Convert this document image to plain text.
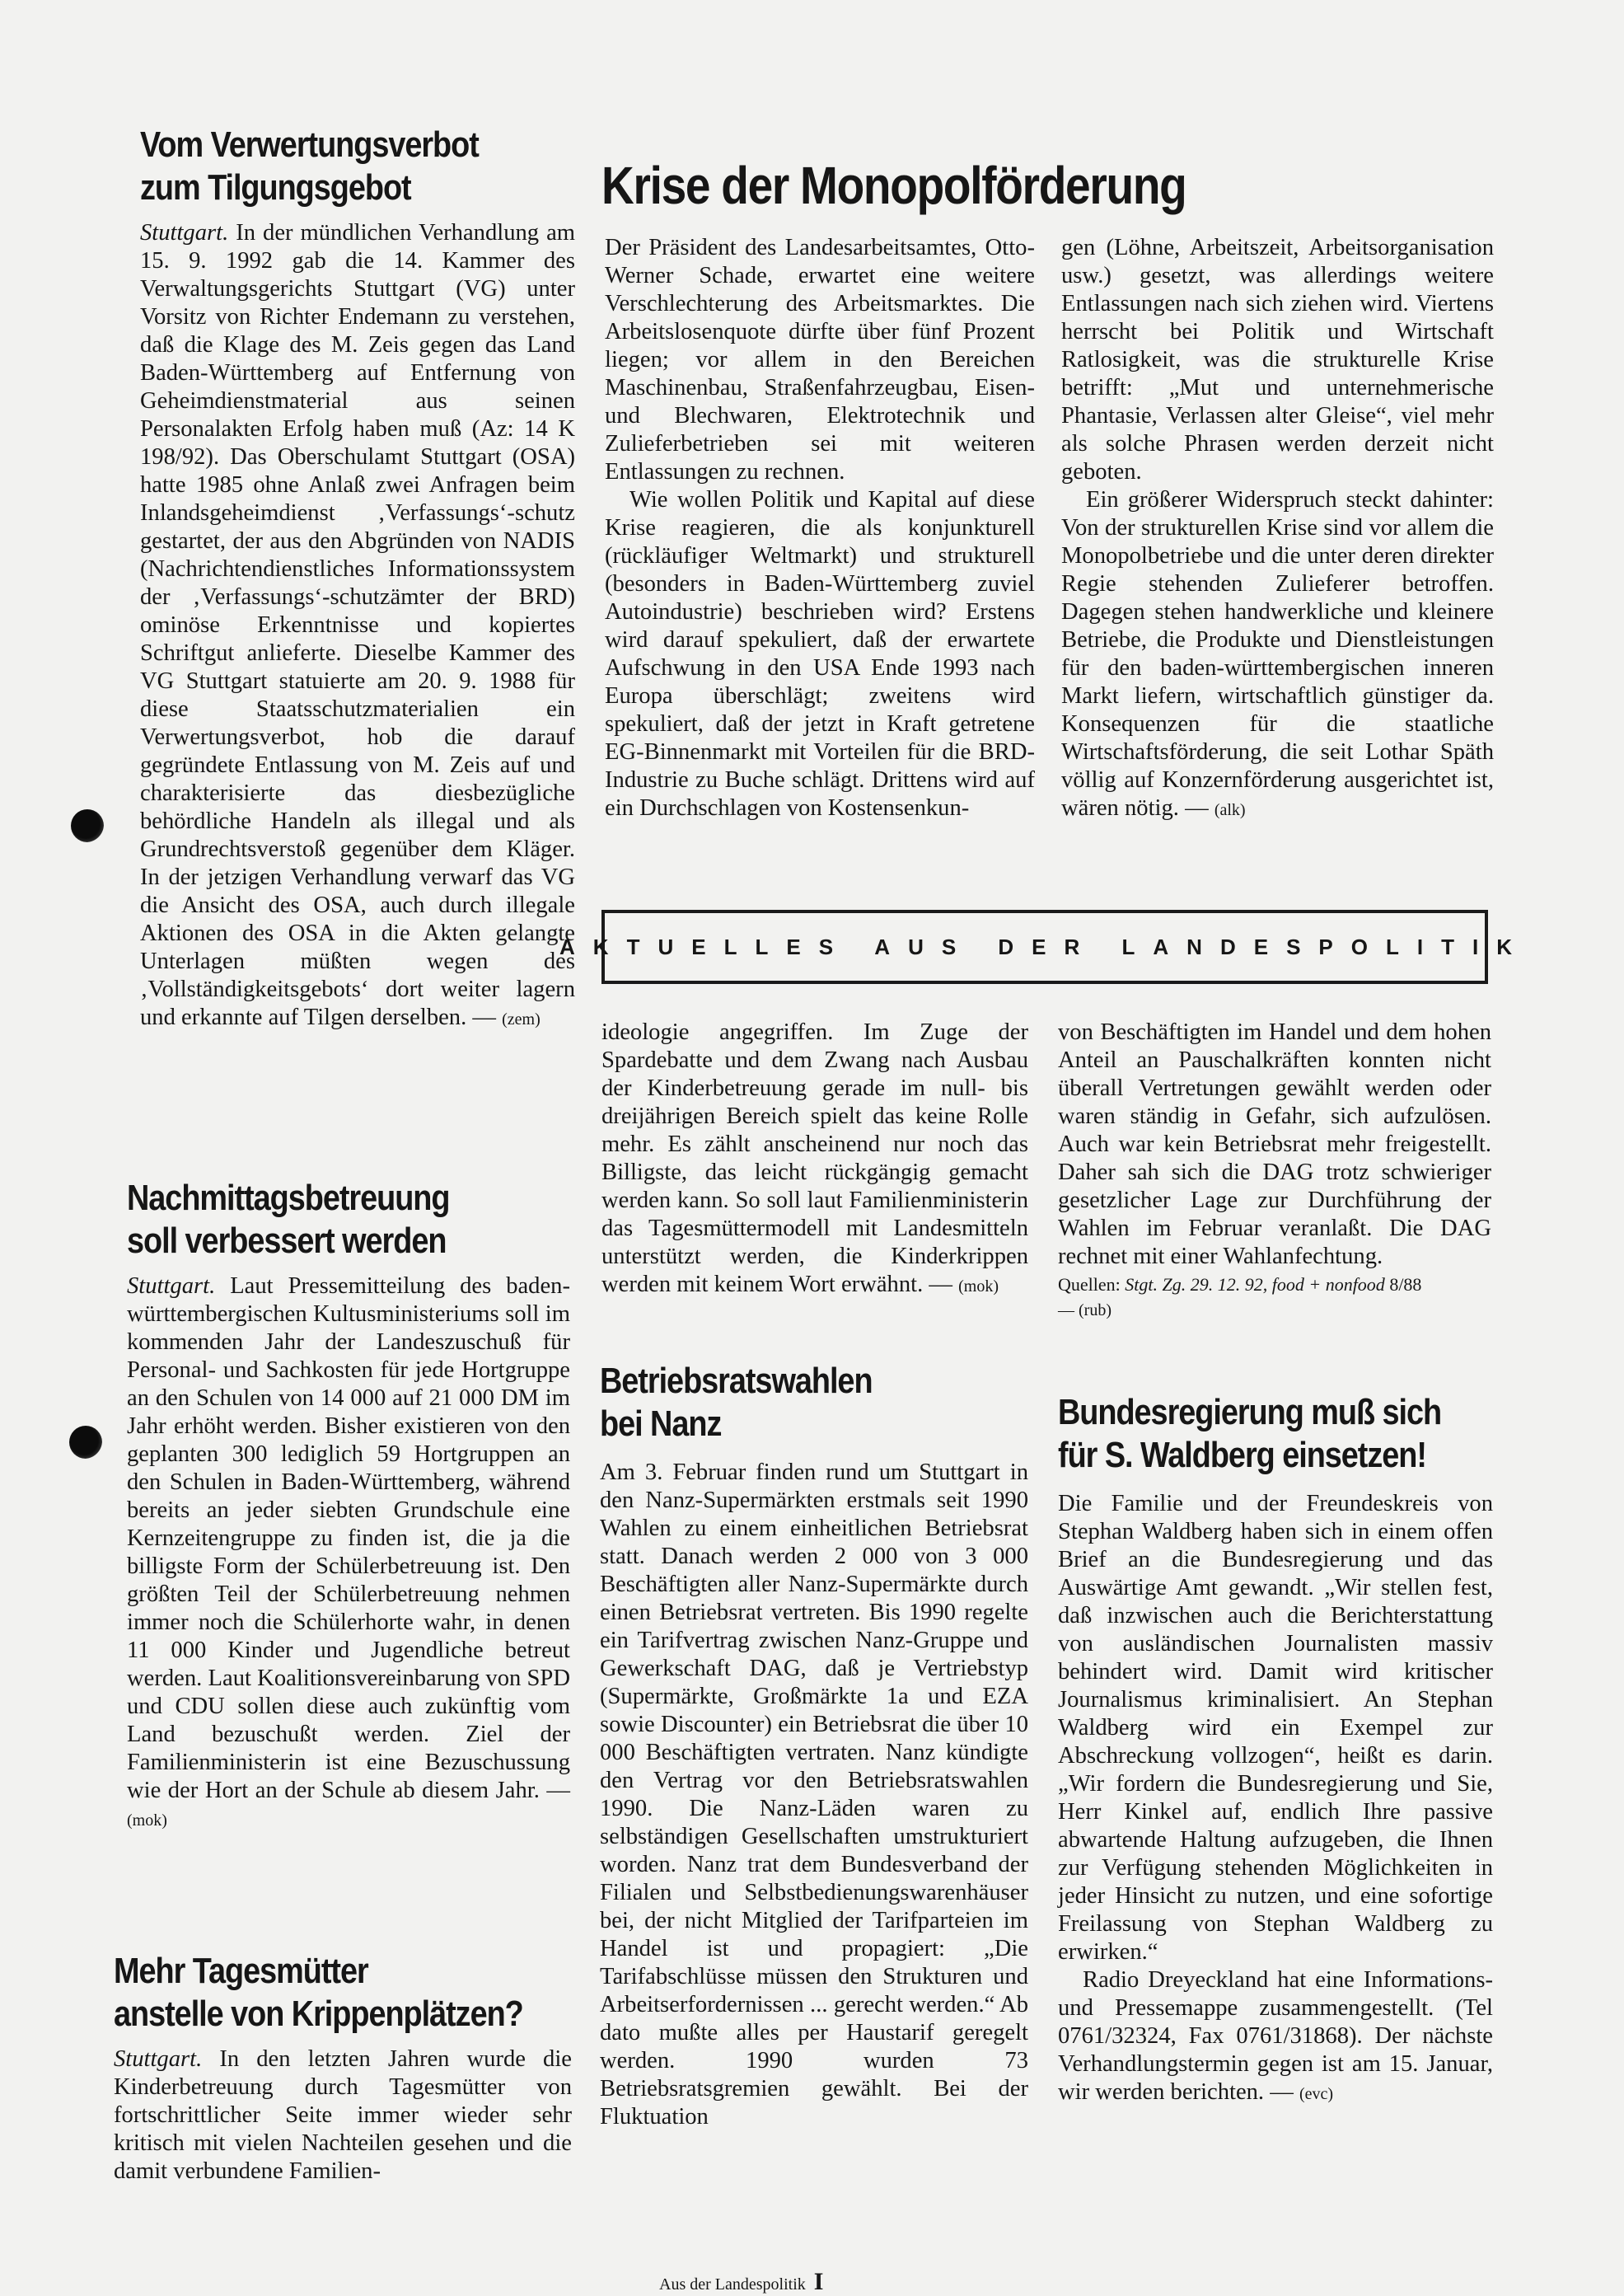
Vom Verwertungsverbot
zum Tilgungsgebot

Stuttgart. In der mündlichen Verhandlung am 15. 9. 1992 gab die 14. Kammer des Verwaltungsgerichts Stuttgart (VG) unter Vorsitz von Richter Endemann zu verstehen, daß die Klage des M. Zeis gegen das Land Baden-Württemberg auf Entfernung von Geheimdienstmaterial aus seinen Personalakten Erfolg haben muß (Az: 14 K 198/92). Das Oberschulamt Stuttgart (OSA) hatte 1985 ohne Anlaß zwei Anfragen beim Inlandsgeheimdienst ‚Verfassungs‘-schutz gestartet, der aus den Abgründen von NADIS (Nachrichtendienstliches Informationssystem der ‚Verfassungs‘-schutzämter der BRD) ominöse Erkenntnisse und kopiertes Schriftgut anlieferte. Dieselbe Kammer des VG Stuttgart statuierte am 20. 9. 1988 für diese Staatsschutzmaterialien ein Verwertungsverbot, hob die darauf gegründete Entlassung von M. Zeis auf und charakterisierte das diesbezügliche behördliche Handeln als illegal und als Grundrechtsverstoß gegenüber dem Kläger. In der jetzigen Verhandlung verwarf das VG die Ansicht des OSA, auch durch illegale Aktionen des OSA in die Akten gelangte Unterlagen müßten wegen des ‚Vollständigkeitsgebots‘ dort weiter lagern und erkannte auf Tilgen derselben. — (zem)

Krise der Monopolförderung

Der Präsident des Landesarbeitsamtes, Otto-Werner Schade, erwartet eine weitere Verschlechterung des Arbeitsmarktes. Die Arbeitslosenquote dürfte über fünf Prozent liegen; vor allem in den Bereichen Maschinenbau, Straßenfahrzeugbau, Eisen- und Blechwaren, Elektrotechnik und Zulieferbetrieben sei mit weiteren Entlassungen zu rechnen.

Wie wollen Politik und Kapital auf diese Krise reagieren, die als konjunkturell (rückläufiger Weltmarkt) und strukturell (besonders in Baden-Württemberg zuviel Autoindustrie) beschrieben wird? Erstens wird darauf spekuliert, daß der erwartete Aufschwung in den USA Ende 1993 nach Europa überschlägt; zweitens wird spekuliert, daß der jetzt in Kraft getretene EG-Binnenmarkt mit Vorteilen für die BRD-Industrie zu Buche schlägt. Drittens wird auf ein Durchschlagen von Kostensenkun-

gen (Löhne, Arbeitszeit, Arbeitsorganisation usw.) gesetzt, was allerdings weitere Entlassungen nach sich ziehen wird. Viertens herrscht bei Politik und Wirtschaft Ratlosigkeit, was die strukturelle Krise betrifft: „Mut und unternehmerische Phantasie, Verlassen alter Gleise“, viel mehr als solche Phrasen werden derzeit nicht geboten.

Ein größerer Widerspruch steckt dahinter: Von der strukturellen Krise sind vor allem die Monopolbetriebe und die unter deren direkter Regie stehenden Zulieferer betroffen. Dagegen stehen handwerkliche und kleinere Betriebe, die Produkte und Dienstleistungen für den baden-württembergischen inneren Markt liefern, wirtschaftlich günstiger da. Konsequenzen für die staatliche Wirtschaftsförderung, die seit Lothar Späth völlig auf Konzernförderung ausgerichtet ist, wären nötig. — (alk)

AKTUELLES AUS DER LANDESPOLITIK
Nachmittagsbetreuung
soll verbessert werden

Stuttgart. Laut Pressemitteilung des baden-württembergischen Kultusministeriums soll im kommenden Jahr der Landeszuschuß für Personal- und Sachkosten für jede Hortgruppe an den Schulen von 14 000 auf 21 000 DM im Jahr erhöht werden. Bisher existieren von den geplanten 300 lediglich 59 Hortgruppen an den Schulen in Baden-Württemberg, während bereits an jeder siebten Grundschule eine Kernzeitengruppe zu finden ist, die ja die billigste Form der Schülerbetreuung ist. Den größten Teil der Schülerbetreuung nehmen immer noch die Schülerhorte wahr, in denen 11 000 Kinder und Jugendliche betreut werden. Laut Koalitionsvereinbarung von SPD und CDU sollen diese auch zukünftig vom Land bezuschußt werden. Ziel der Familienministerin ist eine Bezuschussung wie der Hort an der Schule ab diesem Jahr. — (mok)

Mehr Tagesmütter
anstelle von Krippenplätzen?

Stuttgart. In den letzten Jahren wurde die Kinderbetreuung durch Tagesmütter von fortschrittlicher Seite immer wieder sehr kritisch mit vielen Nachteilen gesehen und die damit verbundene Familien-

ideologie angegriffen. Im Zuge der Spardebatte und dem Zwang nach Ausbau der Kinderbetreuung gerade im null- bis dreijährigen Bereich spielt das keine Rolle mehr. Es zählt anscheinend nur noch das Billigste, das leicht rückgängig gemacht werden kann. So soll laut Familienministerin das Tagesmüttermodell mit Landesmitteln unterstützt werden, die Kinderkrippen werden mit keinem Wort erwähnt. — (mok)

Betriebsratswahlen
bei Nanz

Am 3. Februar finden rund um Stuttgart in den Nanz-Supermärkten erstmals seit 1990 Wahlen zu einem einheitlichen Betriebsrat statt. Danach werden 2 000 von 3 000 Beschäftigten aller Nanz-Supermärkte durch einen Betriebsrat vertreten. Bis 1990 regelte ein Tarifvertrag zwischen Nanz-Gruppe und Gewerkschaft DAG, daß je Vertriebstyp (Supermärkte, Großmärkte 1a und EZA sowie Discounter) ein Betriebsrat die über 10 000 Beschäftigten vertraten. Nanz kündigte den Vertrag vor den Betriebsratswahlen 1990. Die Nanz-Läden waren zu selbständigen Gesellschaften umstrukturiert worden. Nanz trat dem Bundesverband der Filialen und Selbstbedienungswarenhäuser bei, der nicht Mitglied der Tarifparteien im Handel ist und propagiert: „Die Tarifabschlüsse müssen den Strukturen und Arbeitserfordernissen ... gerecht werden.“ Ab dato mußte alles per Haustarif geregelt werden. 1990 wurden 73 Betriebsratsgremien gewählt. Bei der Fluktuation

von Beschäftigten im Handel und dem hohen Anteil an Pauschalkräften konnten nicht überall Vertretungen gewählt werden oder waren ständig in Gefahr, sich aufzulösen. Auch war kein Betriebsrat mehr freigestellt. Daher sah sich die DAG trotz schwieriger gesetzlicher Lage zur Durchführung der Wahlen im Februar veranlaßt. Die DAG rechnet mit einer Wahlanfechtung.

Quellen: Stgt. Zg. 29. 12. 92, food + nonfood 8/88
— (rub)
Bundesregierung muß sich
für S. Waldberg einsetzen!

Die Familie und der Freundeskreis von Stephan Waldberg haben sich in einem offen Brief an die Bundesregierung und das Auswärtige Amt gewandt. „Wir stellen fest, daß inzwischen auch die Berichterstattung von ausländischen Journalisten massiv behindert wird. Damit wird kritischer Journalismus kriminalisiert. An Stephan Waldberg wird ein Exempel zur Abschreckung vollzogen“, heißt es darin. „Wir fordern die Bundesregierung und Sie, Herr Kinkel auf, endlich Ihre passive abwartende Haltung aufzugeben, die Ihnen zur Verfügung stehenden Möglichkeiten in jeder Hinsicht zu nutzen, und eine sofortige Freilassung von Stephan Waldberg zu erwirken.“

Radio Dreyeckland hat eine Informations- und Pressemappe zusammengestellt. (Tel 0761/32324, Fax 0761/31868). Der nächste Verhandlungstermin gegen ist am 15. Januar, wir werden berichten. — (evc)

Aus der Landespolitik I
